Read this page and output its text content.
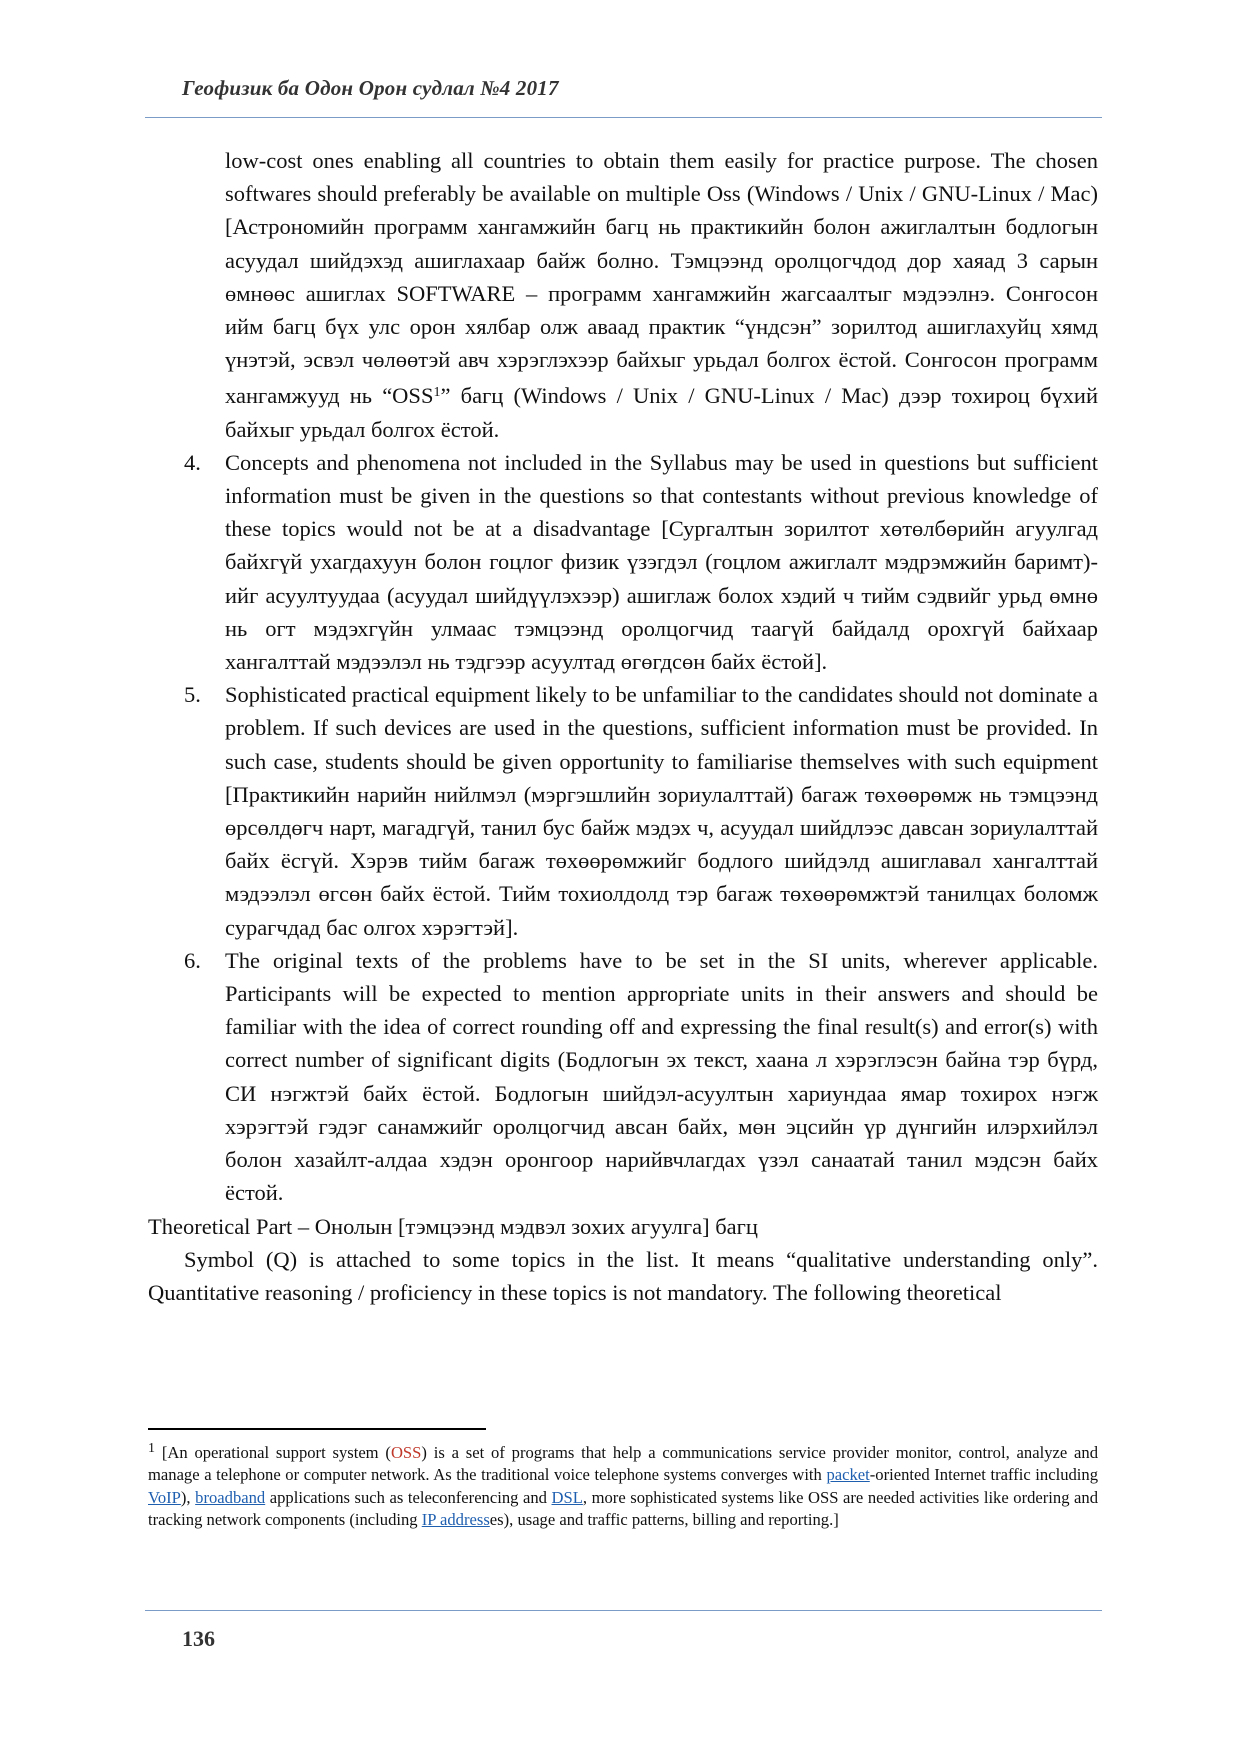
Геофизик ба Одон Орон судлал №4 2017

low-cost ones enabling all countries to obtain them easily for practice purpose. The chosen softwares should preferably be available on multiple Oss (Windows / Unix / GNU-Linux / Mac) [Астрономийн программ хангамжийн багц нь практикийн болон ажиглалтын бодлогын асуудал шийдэхэд ашиглахаар байж болно. Тэмцээнд оролцогчдод дор хаяад 3 сарын өмнөөс ашиглах SOFTWARE – программ хангамжийн жагсаалтыг мэдээлнэ. Сонгосон ийм багц бүх улс орон хялбар олж аваад практик “үндсэн” зорилтод ашиглахуйц хямд үнэтэй, эсвэл чөлөөтэй авч хэрэглэхээр байхыг урьдал болгох ёстой. Сонгосон программ хангамжууд нь “OSS$^1$” багц (Windows / Unix / GNU-Linux / Mac) дээр тохироц бүхий байхыг урьдал болгох ёстой.

4. Concepts and phenomena not included in the Syllabus may be used in questions but sufficient information must be given in the questions so that contestants without previous knowledge of these topics would not be at a disadvantage [Сургалтын зорилтот хөтөлбөрийн агуулгад байхгүй ухагдахуун болон гоцлог физик үзэгдэл (гоцлом ажиглалт мэдрэмжийн баримт)-ийг асуултуудаа (асуудал шийдүүлэхээр) ашиглаж болох хэдий ч тийм сэдвийг урьд өмнө нь огт мэдэхгүйн улмаас тэмцээнд оролцогчид таагүй байдалд орохгүй байхаар хангалттай мэдээлэл нь тэдгээр асуултад өгөгдсөн байх ёстой].
5. Sophisticated practical equipment likely to be unfamiliar to the candidates should not dominate a problem. If such devices are used in the questions, sufficient information must be provided. In such case, students should be given opportunity to familiarise themselves with such equipment [Практикийн нарийн нийлмэл (мэргэшлийн зориулалттай) багаж төхөөрөмж нь тэмцээнд өрсөлдөгч нарт, магадгүй, танил бус байж мэдэх ч, асуудал шийдлээс давсан зориулалттай байх ёсгүй. Хэрэв тийм багаж төхөөрөмжийг бодлого шийдэлд ашиглавал хангалттай мэдээлэл өгсөн байх ёстой. Тийм тохиолдолд тэр багаж төхөөрөмжтэй танилцах боломж сурагчдад бас олгох хэрэгтэй].
6. The original texts of the problems have to be set in the SI units, wherever applicable. Participants will be expected to mention appropriate units in their answers and should be familiar with the idea of correct rounding off and expressing the final result(s) and error(s) with correct number of significant digits (Бодлогын эх текст, хаана л хэрэглэсэн байна тэр бүрд, СИ нэгжтэй байх ёстой. Бодлогын шийдэл-асуултын хариундаа ямар тохирох нэгж хэрэгтэй гэдэг санамжийг оролцогчид авсан байх, мөн эцсийн үр дүнгийн илэрхийлэл болон хазайлт-алдаа хэдэн оронгоор нарийвчлагдах үзэл санаатай танил мэдсэн байх ёстой.

Theoretical Part – Онолын [тэмцээнд мэдвэл зохих агуулга] багц

Symbol (Q) is attached to some topics in the list. It means “qualitative understanding only”. Quantitative reasoning / proficiency in these topics is not mandatory. The following theoretical

$^1$ [An operational support system (OSS) is a set of programs that help a communications service provider monitor, control, analyze and manage a telephone or computer network. As the traditional voice telephone systems converges with packet-oriented Internet traffic including VoIP), broadband applications such as teleconferencing and DSL, more sophisticated systems like OSS are needed activities like ordering and tracking network components (including IP addresses), usage and traffic patterns, billing and reporting.]
136
